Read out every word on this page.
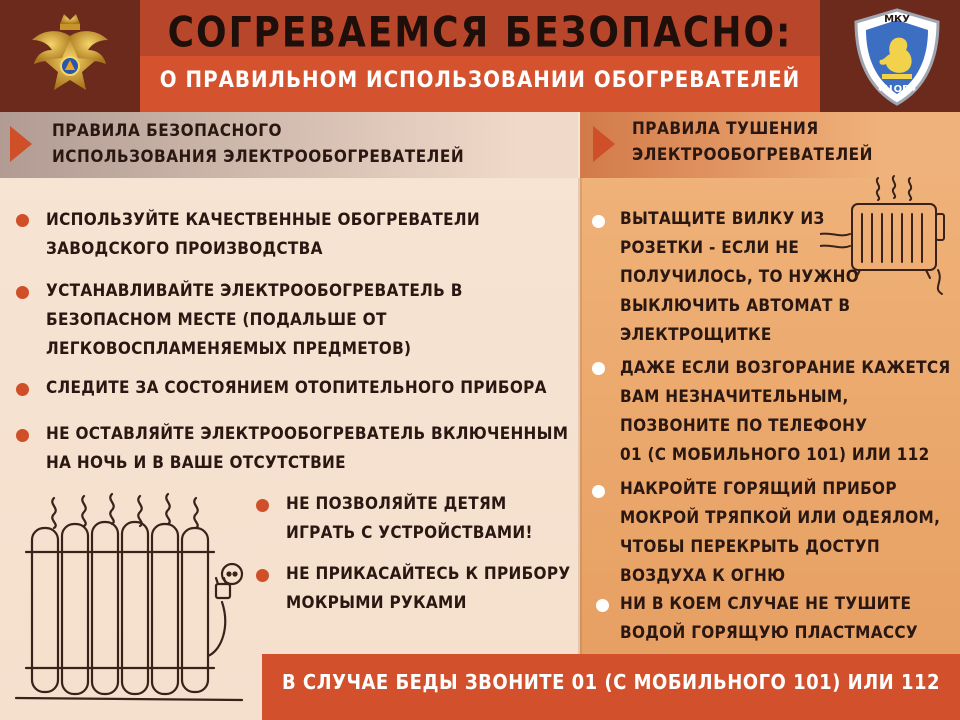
МКУ
«ЦОБ»
СОГРЕВАЕМСЯ БЕЗОПАСНО:
О ПРАВИЛЬНОМ ИСПОЛЬЗОВАНИИ ОБОГРЕВАТЕЛЕЙ
ПРАВИЛА БЕЗОПАСНОГО
ИСПОЛЬЗОВАНИЯ ЭЛЕКТРООБОГРЕВАТЕЛЕЙ
ПРАВИЛА ТУШЕНИЯ
ЭЛЕКТРООБОГРЕВАТЕЛЕЙ
ИСПОЛЬЗУЙТЕ КАЧЕСТВЕННЫЕ ОБОГРЕВАТЕЛИ
ЗАВОДСКОГО ПРОИЗВОДСТВА
УСТАНАВЛИВАЙТЕ ЭЛЕКТРООБОГРЕВАТЕЛЬ В
БЕЗОПАСНОМ МЕСТЕ (ПОДАЛЬШЕ ОТ
ЛЕГКОВОСПЛАМЕНЯЕМЫХ ПРЕДМЕТОВ)
СЛЕДИТЕ ЗА СОСТОЯНИЕМ ОТОПИТЕЛЬНОГО ПРИБОРА
НЕ ОСТАВЛЯЙТЕ ЭЛЕКТРООБОГРЕВАТЕЛЬ ВКЛЮЧЕННЫМ
НА НОЧЬ И В ВАШЕ ОТСУТСТВИЕ
НЕ ПОЗВОЛЯЙТЕ ДЕТЯМ
ИГРАТЬ С УСТРОЙСТВАМИ!
НЕ ПРИКАСАЙТЕСЬ К ПРИБОРУ
МОКРЫМИ РУКАМИ
ВЫТАЩИТЕ ВИЛКУ ИЗ
РОЗЕТКИ - ЕСЛИ НЕ
ПОЛУЧИЛОСЬ, ТО НУЖНО
ВЫКЛЮЧИТЬ АВТОМАТ В
ЭЛЕКТРОЩИТКЕ
ДАЖЕ ЕСЛИ ВОЗГОРАНИЕ КАЖЕТСЯ
ВАМ НЕЗНАЧИТЕЛЬНЫМ,
ПОЗВОНИТЕ ПО ТЕЛЕФОНУ
01 (С МОБИЛЬНОГО 101) ИЛИ 112
НАКРОЙТЕ ГОРЯЩИЙ ПРИБОР
МОКРОЙ ТРЯПКОЙ ИЛИ ОДЕЯЛОМ,
ЧТОБЫ ПЕРЕКРЫТЬ ДОСТУП
ВОЗДУХА К ОГНЮ
НИ В КОЕМ СЛУЧАЕ НЕ ТУШИТЕ
ВОДОЙ ГОРЯЩУЮ ПЛАСТМАССУ
В СЛУЧАЕ БЕДЫ ЗВОНИТЕ 01 (С МОБИЛЬНОГО 101) ИЛИ 112
